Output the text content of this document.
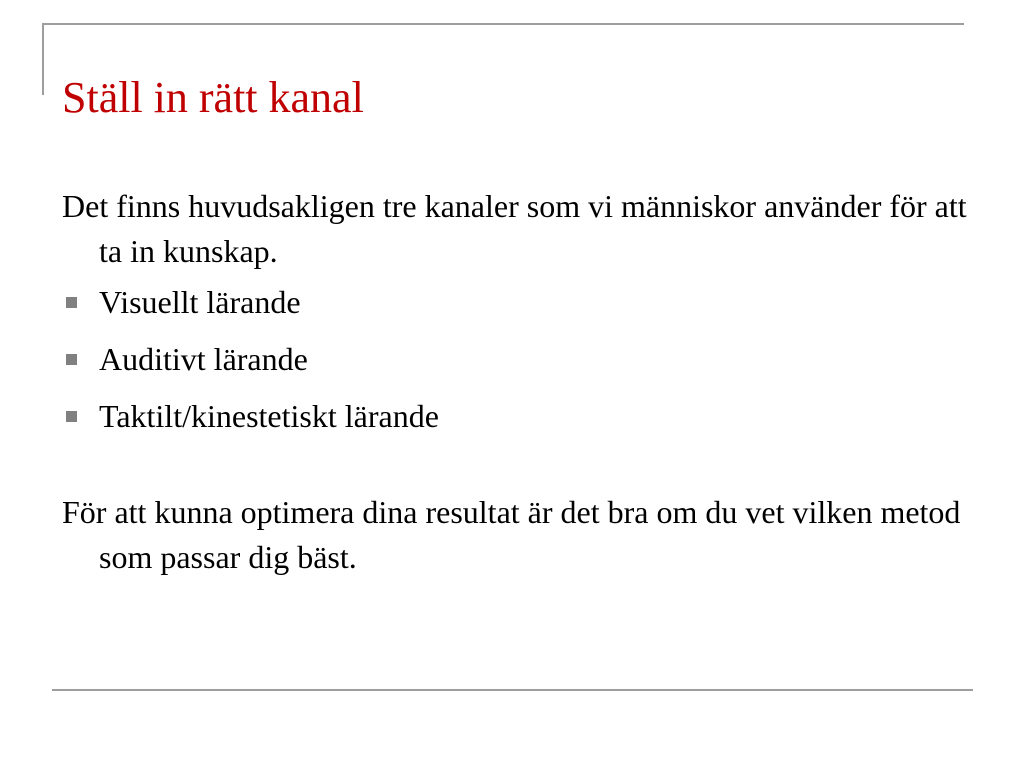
Ställ in rätt kanal

Det finns huvudsakligen tre kanaler som vi människor använder för att ta in kunskap.

Visuellt lärande
Auditivt lärande
Taktilt/kinestetiskt lärande

För att kunna optimera dina resultat är det bra om du vet vilken metod som passar dig bäst.
